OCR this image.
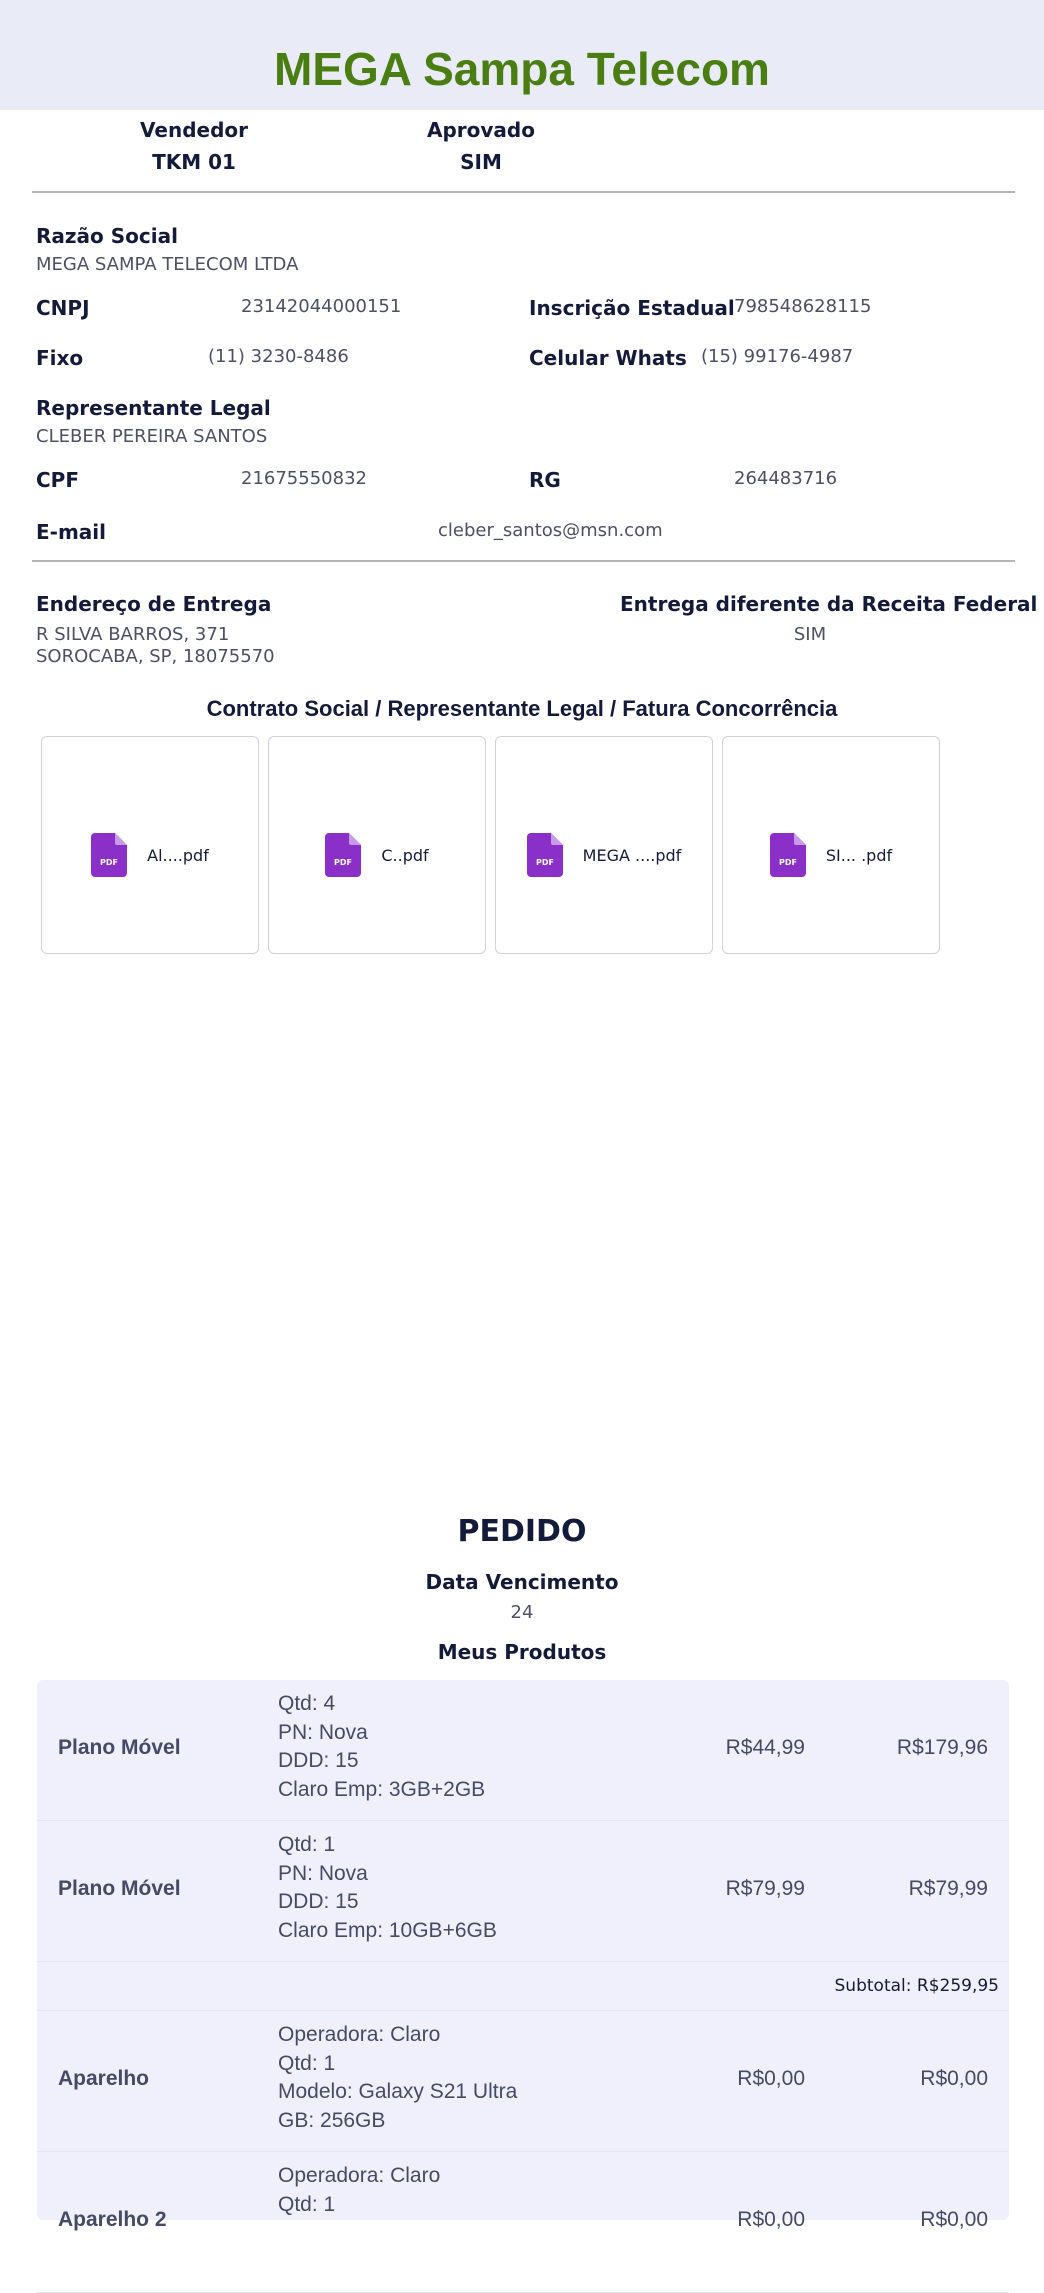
MEGA Sampa Telecom
Vendedor
TKM 01
Aprovado
SIM
Razão Social
MEGA SAMPA TELECOM LTDA
CNPJ	23142044000151	Inscrição Estadual 798548628115
Fixo	(11) 3230-8486	Celular Whats (15) 99176-4987
Representante Legal
CLEBER PEREIRA SANTOS
CPF	21675550832	RG	264483716
E-mail	cleber_santos@msn.com
Endereço de Entrega
R SILVA BARROS, 371
SOROCABA, SP, 18075570
Entrega diferente da Receita Federal
SIM
Contrato Social / Representante Legal / Fatura Concorrência
PDF Al....pdf	PDF C..pdf	PDF MEGA ....pdf	PDF SI... .pdf
PEDIDO
Data Vencimento
24
Meus Produtos
Plano Móvel
Qtd: 4
PN: Nova
DDD: 15
Claro Emp: 3GB+2GB
R$44,99	R$179,96
Plano Móvel
Qtd: 1
PN: Nova
DDD: 15
Claro Emp: 10GB+6GB
R$79,99	R$79,99
Subtotal: R$259,95
Aparelho
Operadora: Claro
Qtd: 1
Modelo: Galaxy S21 Ultra
GB: 256GB
R$0,00	R$0,00
Aparelho 2
Operadora: Claro
Qtd: 1
R$0,00	R$0,00
